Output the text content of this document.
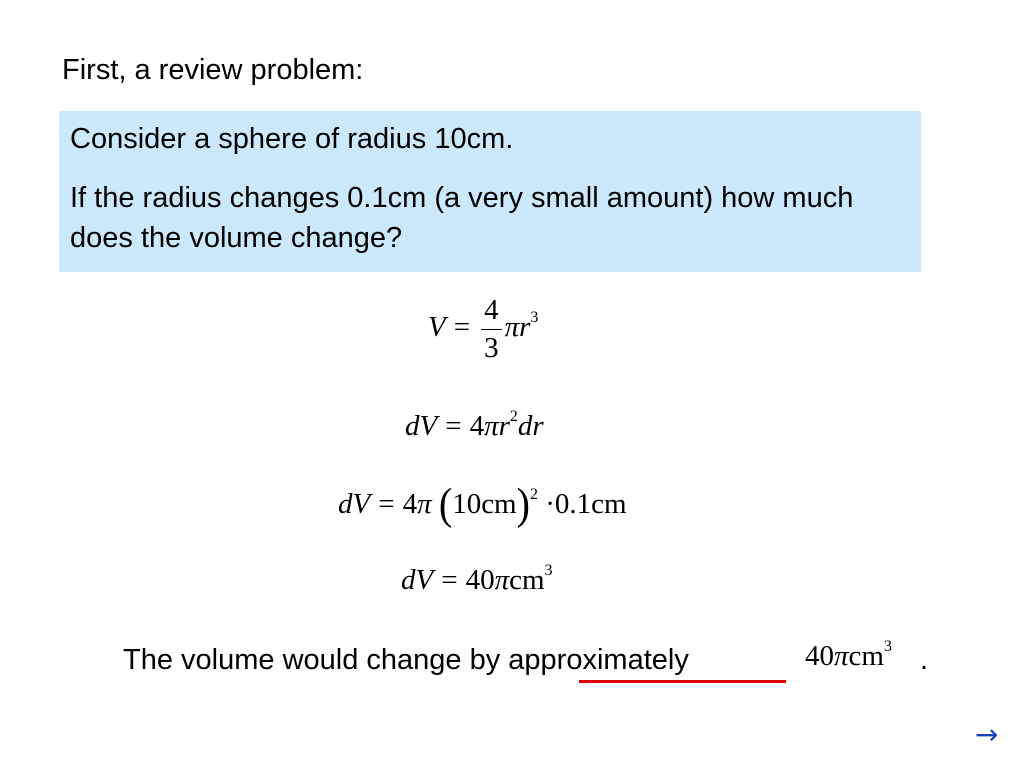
First, a review problem:

Consider a sphere of radius 10cm.

If the radius changes 0.1cm (a very small amount) how much does the volume change?

$V = \frac{4}{3} \pi r^3$
dV = $4\pi r^2dr$
dV = 4π $(10cm)^2 \cdot 0.1cm$
dV = 40πcm$^3$
The volume would change by approximately	40πcm$^3$ .
→
